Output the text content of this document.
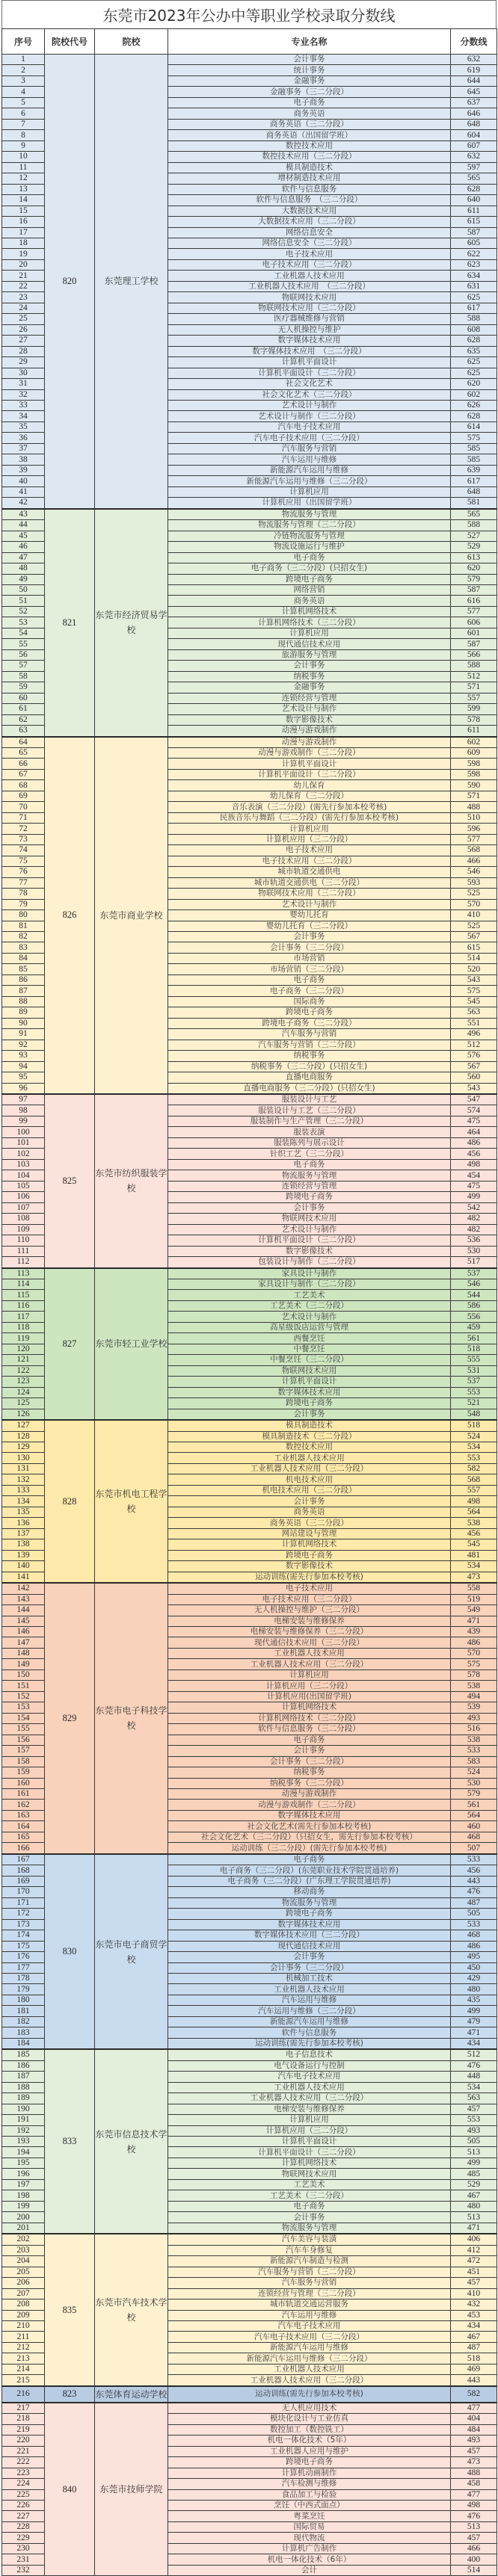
东莞市2023年公办中等职业学校录取分数线
序号	院校代号	院校	专业名称	分数线
1	820	东莞理工学校	会计事务	632
2			统计事务	619
3			金融事务	644
4			金融事务（三二分段）	645
5			电子商务	637
6			商务英语	646
7			商务英语（三二分段）	648
8			商务英语（出国留学班）	604
9			数控技术应用	607
10			数控技术应用（三二分段）	632
11			模具制造技术	597
12			增材制造技术应用	565
13			软件与信息服务	628
14			软件与信息服务　（三二分段）	640
15			大数据技术应用	611
16			大数据技术应用（三二分段）	615
17			网络信息安全	587
18			网络信息安全（三二分段）	605
19			电子技术应用	622
20			电子技术应用（三二分段）	623
21			工业机器人技术应用	634
22			工业机器人技术应用　（三二分段）	631
23			物联网技术应用	625
24			物联网技术应用（三二分段）	617
25			医疗器械维修与营销	588
26			无人机操控与维护	608
27			数字媒体技术应用	628
28			数字媒体技术应用　（三二分段）	635
29			计算机平面设计	625
30			计算机平面设计（三二分段）	625
31			社会文化艺术	620
32			社会文化艺术（三二分段）	602
33			艺术设计与制作	626
34			艺术设计与制作（三二分段）	628
35			汽车电子技术应用	614
36			汽车电子技术应用（三二分段）	575
37			汽车服务与营销	585
38			汽车运用与维修	585
39			新能源汽车运用与维修	639
40			新能源汽车运用与维修（三二分段）	617
41			计算机应用	648
42			计算机应用（出国留学班）	581
43	821	东莞市经济贸易学校	物流服务与管理	565
44			物流服务与管理（三二分段）	588
45			冷链物流服务与管理	527
46			物流设施运行与维护	529
47			电子商务	613
48			电子商务（三二分段）(只招女生)	620
49			跨境电子商务	579
50			网络营销	587
51			商务英语	616
52			计算机网络技术	577
53			计算机网络技术（三二分段）	606
54			计算机应用	601
55			现代通信技术应用	587
56			旅游服务与管理	566
57			会计事务	588
58			纳税事务	512
59			金融事务	571
60			连锁经营与管理	557
61			艺术设计与制作	599
62			数字影像技术	578
63			动漫与游戏制作	611
64	826	东莞市商业学校	动漫与游戏制作	602
65			动漫与游戏制作（三二分段）	609
66			计算机平面设计	598
67			计算机平面设计（三二分段）	598
68			幼儿保育	590
69			幼儿保育（三二分段）	571
70			音乐表演（三二分段）(需先行参加本校考核)	488
71			民族音乐与舞蹈（三二分段）(需先行参加本校考核)	510
72			计算机应用	596
73			计算机应用（三二分段）	577
74			电子技术应用	568
75			电子技术应用（三二分段）	466
76			城市轨道交通供电	546
77			城市轨道交通供电（三二分段）	593
78			物联网技术应用（三二分段）	525
79			艺术设计与制作	570
80			婴幼儿托育	410
81			婴幼儿托育（三二分段）	525
82			会计事务	567
83			会计事务（三二分段）	615
84			市场营销	514
85			市场营销（三二分段）	520
86			电子商务	543
87			电子商务（三二分段）	575
88			国际商务	545
89			跨境电子商务	563
90			跨境电子商务（三二分段）	551
91			汽车服务与营销	496
92			汽车服务与营销（三二分段）	512
93			纳税事务	576
94			纳税事务（三二分段）(只招女生)	567
95			直播电商服务	560
96			直播电商服务（三二分段）(只招女生)	543
97	825	东莞市纺织服装学校	服装设计与工艺	547
98			服装设计与工艺（三二分段）	574
99			服装制作与生产管理（三二分段）	475
100			服装表演	464
101			服装陈列与展示设计	486
102			针织工艺（三二分段）	456
103			电子商务	498
104			物流服务与管理	454
105			连锁经营与管理	475
106			跨境电子商务	499
107			会计事务	542
108			物联网技术应用	482
109			艺术设计与制作	482
110			计算机平面设计（三二分段）	536
111			数字影像技术	530
112			包装设计与制作（三二分段）	517
113	827	东莞市轻工业学校	家具设计与制作	537
114			家具设计与制作（三二分段）	546
115			工艺美术	544
116			工艺美术（三二分段）	586
117			艺术设计与制作	556
118			高星级饭店运营与管理	459
119			西餐烹饪	561
120			中餐烹饪	518
121			中餐烹饪（三二分段）	555
122			物联网技术应用	531
123			计算机平面设计	537
124			数字媒体技术应用	553
125			跨境电子商务	521
126			会计事务	548
127	828	东莞市机电工程学校	模具制造技术	518
128			模具制造技术（三二分段）	524
129			数控技术应用	534
130			工业机器人技术应用	553
131			工业机器人技术应用（三二分段）	582
132			机电技术应用	568
133			机电技术应用（三二分段）	557
134			会计事务	498
135			商务英语	564
136			商务英语（三二分段）	538
137			网站建设与管理	456
138			计算机网络技术	545
139			跨境电子商务	481
140			数字影像技术	534
141			运动训练(需先行参加本校考核)	473
142	829	东莞市电子科技学校	电子技术应用	558
143			电子技术应用（三二分段）	519
144			无人机操控与维护（三二分段）	549
145			电梯安装与维修保养	471
146			电梯安装与维修保养（三二分段）	439
147			现代通信技术应用（三二分段）	486
148			工业机器人技术应用	570
149			工业机器人技术应用（三二分段）	575
150			计算机应用	578
151			计算机应用（三二分段）	538
152			计算机应用(出国留学班)	494
153			计算机网络技术	539
154			计算机网络技术（三二分段）	493
155			软件与信息服务（三二分段）	516
156			电子商务	538
157			会计事务	533
158			会计事务（三二分段）	583
159			纳税事务	524
160			纳税事务（三二分段）	530
161			动漫与游戏制作	579
162			动漫与游戏制作（三二分段）	561
163			数字媒体技术应用	564
164			社会文化艺术(需先行参加本校考核)	460
165			社会文化艺术（三二分段）（只招女生，需先行参加本校考核）	468
166			运动训练（三二分段）(需先行参加本校考核)	507
167	830	东莞市电子商贸学校	电子商务	533
168			电子商务（三二分段）(东莞职业技术学院贯通培养)	456
169			电子商务（三二分段）(广东理工学院贯通培养)	443
170			移动商务	476
171			物流服务与管理	487
172			跨境电子商务	505
173			数字媒体技术应用	533
174			数字媒体技术应用（三二分段）	468
175			现代通信技术应用	486
176			会计事务	495
177			会计事务（三二分段）	450
178			机械加工技术	429
179			工业机器人技术应用	480
180			汽车运用与维修	435
181			汽车运用与维修（三二分段）	499
182			新能源汽车运用与维修	479
183			软件与信息服务	471
184			运动训练(需先行参加本校考核)	434
185	833	东莞市信息技术学校	电子信息技术	512
186			电气设备运行与控制	476
187			汽车电子技术应用	448
188			工业机器人技术应用	534
189			工业机器人技术应用（三二分段）	563
190			电梯安装与维修保养	457
191			计算机应用	553
192			计算机应用（三二分段）	493
193			计算机平面设计	505
194			计算机平面设计（三二分段）	513
195			计算机网络技术	499
196			物联网技术应用	485
197			工艺美术	529
198			工艺美术（三二分段）	467
199			电子商务	480
200			会计事务	513
201			物流服务与管理	471
202	835	东莞市汽车技术学校	汽车美容与装潢	406
203			汽车车身修复	412
204			新能源汽车制造与检测	472
205			汽车服务与营销（三二分段）	451
206			汽车服务与营销	457
207			连锁经营与管理（三二分段）	410
208			城市轨道交通运营服务	432
209			汽车运用与维修	453
210			汽车电子技术应用	434
211			汽车电子技术应用（三二分段）	467
212			新能源汽车运用与维修	487
213			新能源汽车运用与维修（三二分段）	518
214			工业机器人技术应用	469
215			工业机器人技术应用（三二分段）	443
216	823	东莞体育运动学校	运动训练(需先行参加本校考核)	582
217	840	东莞市技师学院	无人机应用技术	477
218			模块化设计与工业仿真	404
219			数控加工（数控铣工）	484
220			机电一体化技术（5年）	493
221			工业机器人应用与维护	457
222			跨境电子商务	473
223			计算机动画制作	488
224			汽车检测与维修	458
225			食品加工与检验	477
226			烹饪（中西式面点）	498
227			粤菜烹饪	476
228			国际贸易	513
229			现代物流	457
230			计算机广告制作	466
231			机电一体化技术（6年）	400
232			会计	514
